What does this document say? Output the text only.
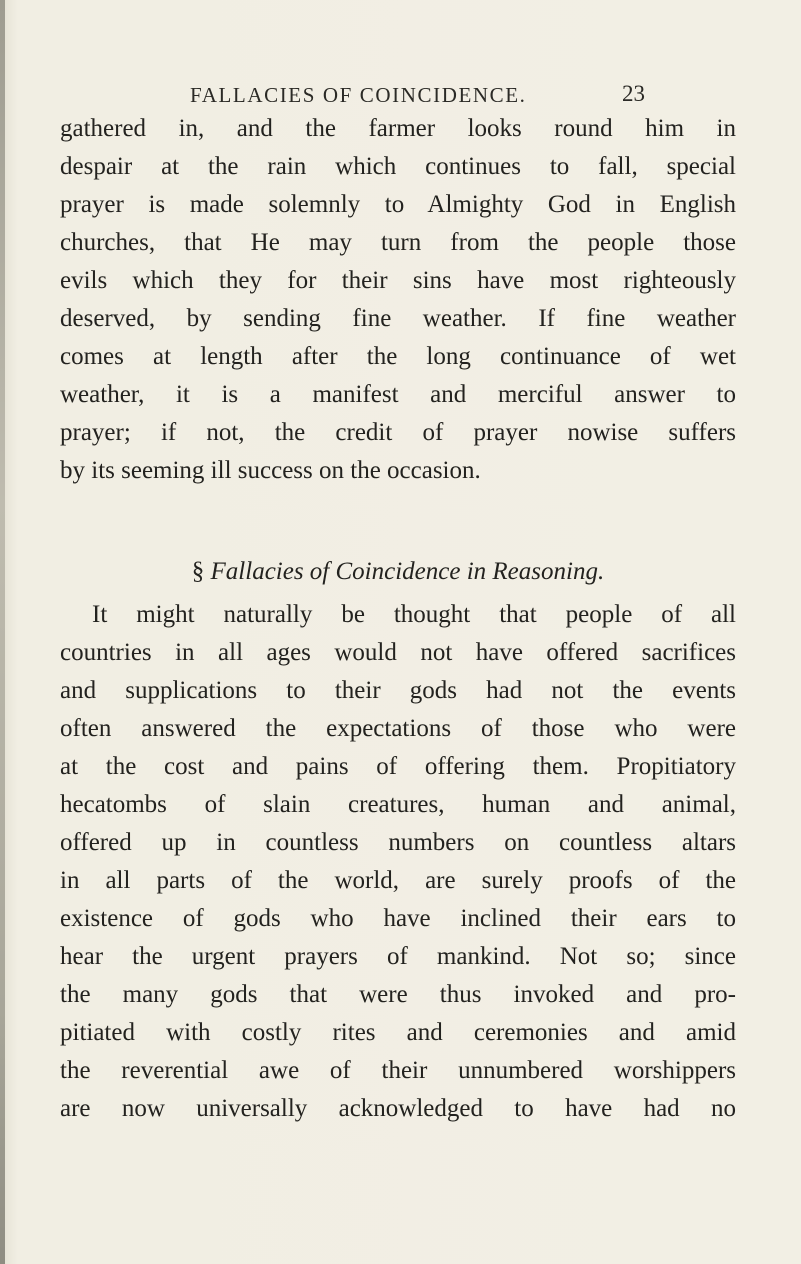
FALLACIES OF COINCIDENCE.	23
gathered in, and the farmer looks round him in
despair at the rain which continues to fall, special
prayer is made solemnly to Almighty God in English
churches, that He may turn from the people those
evils which they for their sins have most righteously
deserved, by sending fine weather. If fine weather
comes at length after the long continuance of wet
weather, it is a manifest and merciful answer to
prayer; if not, the credit of prayer nowise suffers
by its seeming ill success on the occasion.
§ Fallacies of Coincidence in Reasoning.
It might naturally be thought that people of all
countries in all ages would not have offered sacrifices
and supplications to their gods had not the events
often answered the expectations of those who were
at the cost and pains of offering them. Propitiatory
hecatombs of slain creatures, human and animal,
offered up in countless numbers on countless altars
in all parts of the world, are surely proofs of the
existence of gods who have inclined their ears to
hear the urgent prayers of mankind. Not so; since
the many gods that were thus invoked and pro-
pitiated with costly rites and ceremonies and amid
the reverential awe of their unnumbered worshippers
are now universally acknowledged to have had no
